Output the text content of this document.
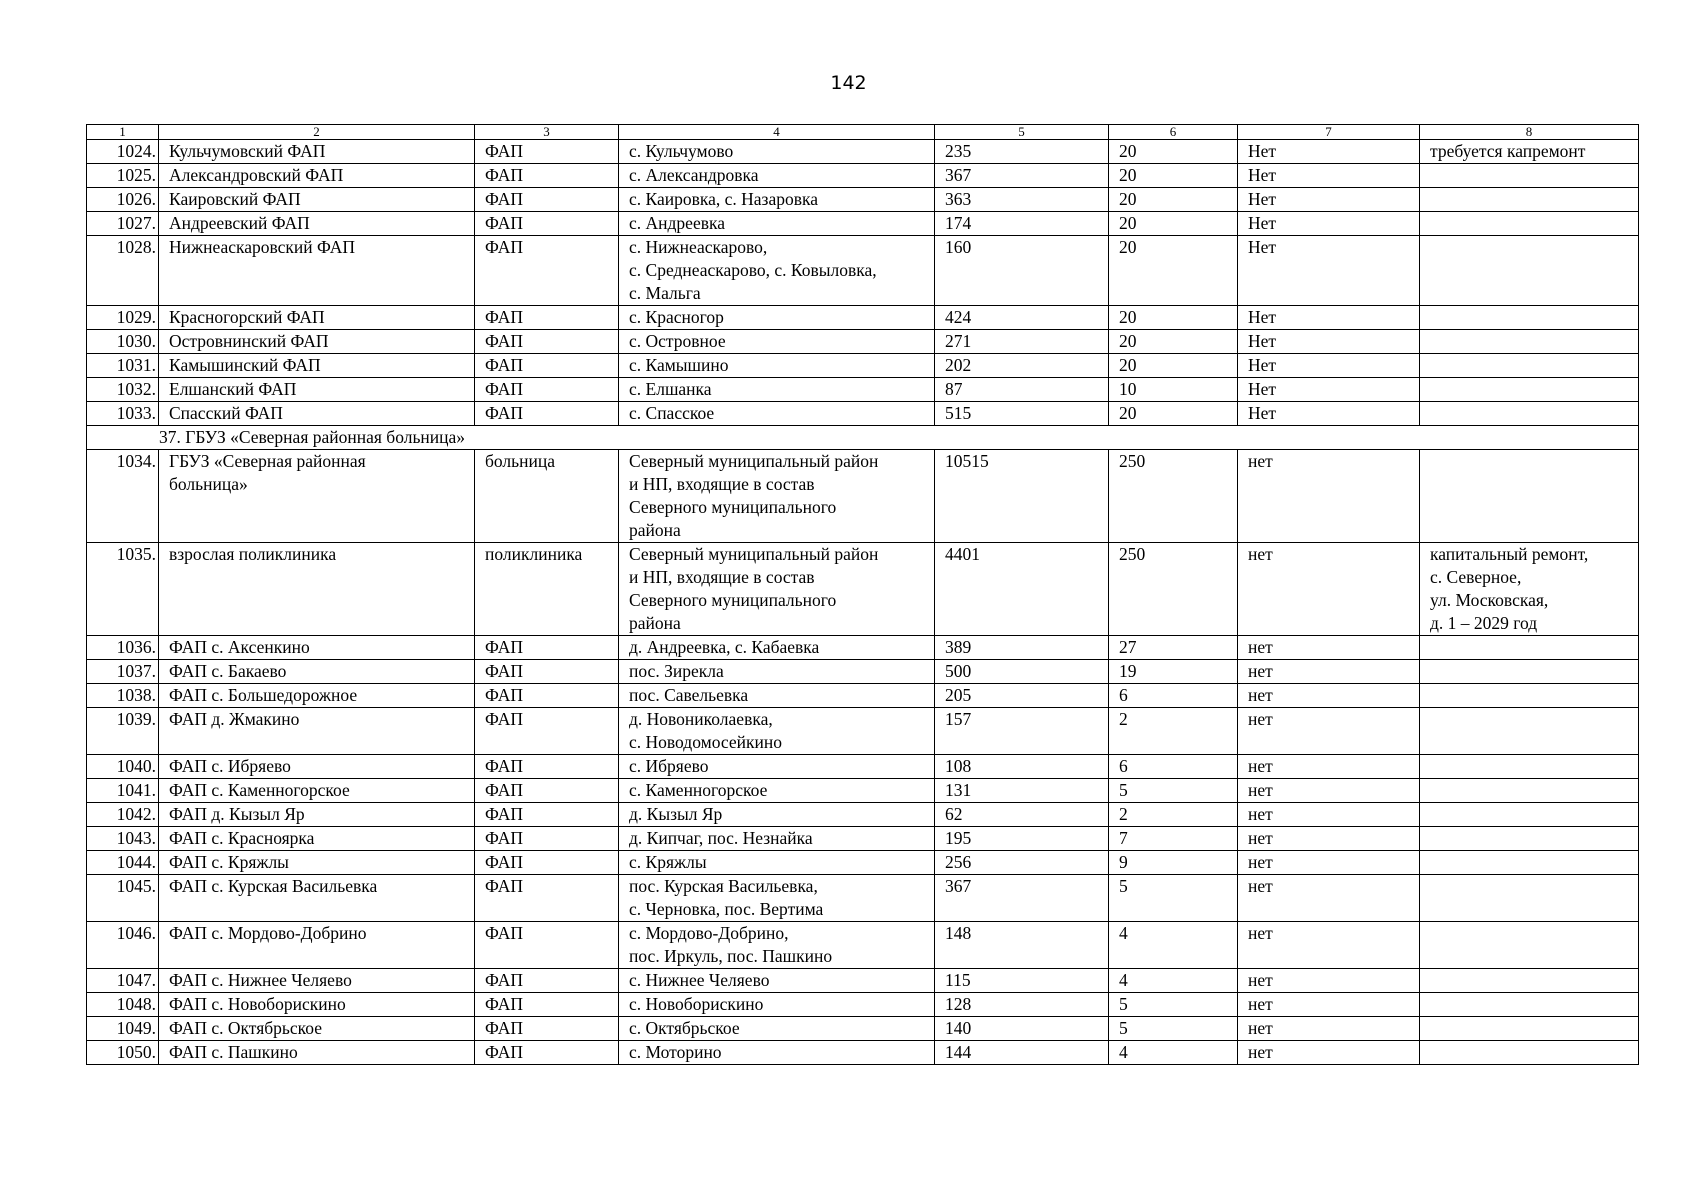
142
1	2	3	4	5	6	7	8
1024.	Кульчумовский ФАП	ФАП	с. Кульчумово	235	20	Нет	требуется капремонт
1025.	Александровский ФАП	ФАП	с. Александровка	367	20	Нет	
1026.	Каировский ФАП	ФАП	с. Каировка, с. Назаровка	363	20	Нет	
1027.	Андреевский ФАП	ФАП	с. Андреевка	174	20	Нет	
1028.	Нижнеаскаровский ФАП	ФАП	с. Нижнеаскарово,
с. Среднеаскарово, с. Ковыловка,
с. Мальга	160	20	Нет	
1029.	Красногорский ФАП	ФАП	с. Красногор	424	20	Нет	
1030.	Островнинский ФАП	ФАП	с. Островное	271	20	Нет	
1031.	Камышинский ФАП	ФАП	с. Камышино	202	20	Нет	
1032.	Елшанский ФАП	ФАП	с. Елшанка	87	10	Нет	
1033.	Спасский ФАП	ФАП	с. Спасское	515	20	Нет	
37. ГБУЗ «Северная районная больница»							
1034.	ГБУЗ «Северная районная
больница»	больница	Северный муниципальный район
и НП, входящие в состав
Северного муниципального
района	10515	250	нет	
1035.	взрослая поликлиника	поликлиника	Северный муниципальный район
и НП, входящие в состав
Северного муниципального
района	4401	250	нет	капитальный ремонт,
с. Северное,
ул. Московская,
д. 1 – 2029 год
1036.	ФАП с. Аксенкино	ФАП	д. Андреевка, с. Кабаевка	389	27	нет	
1037.	ФАП с. Бакаево	ФАП	пос. Зирекла	500	19	нет	
1038.	ФАП с. Большедорожное	ФАП	пос. Савельевка	205	6	нет	
1039.	ФАП д. Жмакино	ФАП	д. Новониколаевка,
с. Новодомосейкино	157	2	нет	
1040.	ФАП с. Ибряево	ФАП	с. Ибряево	108	6	нет	
1041.	ФАП с. Каменногорское	ФАП	с. Каменногорское	131	5	нет	
1042.	ФАП д. Кызыл Яр	ФАП	д. Кызыл Яр	62	2	нет	
1043.	ФАП с. Красноярка	ФАП	д. Кипчаг, пос. Незнайка	195	7	нет	
1044.	ФАП с. Кряжлы	ФАП	с. Кряжлы	256	9	нет	
1045.	ФАП с. Курская Васильевка	ФАП	пос. Курская Васильевка,
с. Черновка, пос. Вертима	367	5	нет	
1046.	ФАП с. Мордово-Добрино	ФАП	с. Мордово-Добрино,
пос. Иркуль, пос. Пашкино	148	4	нет	
1047.	ФАП с. Нижнее Челяево	ФАП	с. Нижнее Челяево	115	4	нет	
1048.	ФАП с. Новоборискино	ФАП	с. Новоборискино	128	5	нет	
1049.	ФАП с. Октябрьское	ФАП	с. Октябрьское	140	5	нет	
1050.	ФАП с. Пашкино	ФАП	с. Моторино	144	4	нет	
